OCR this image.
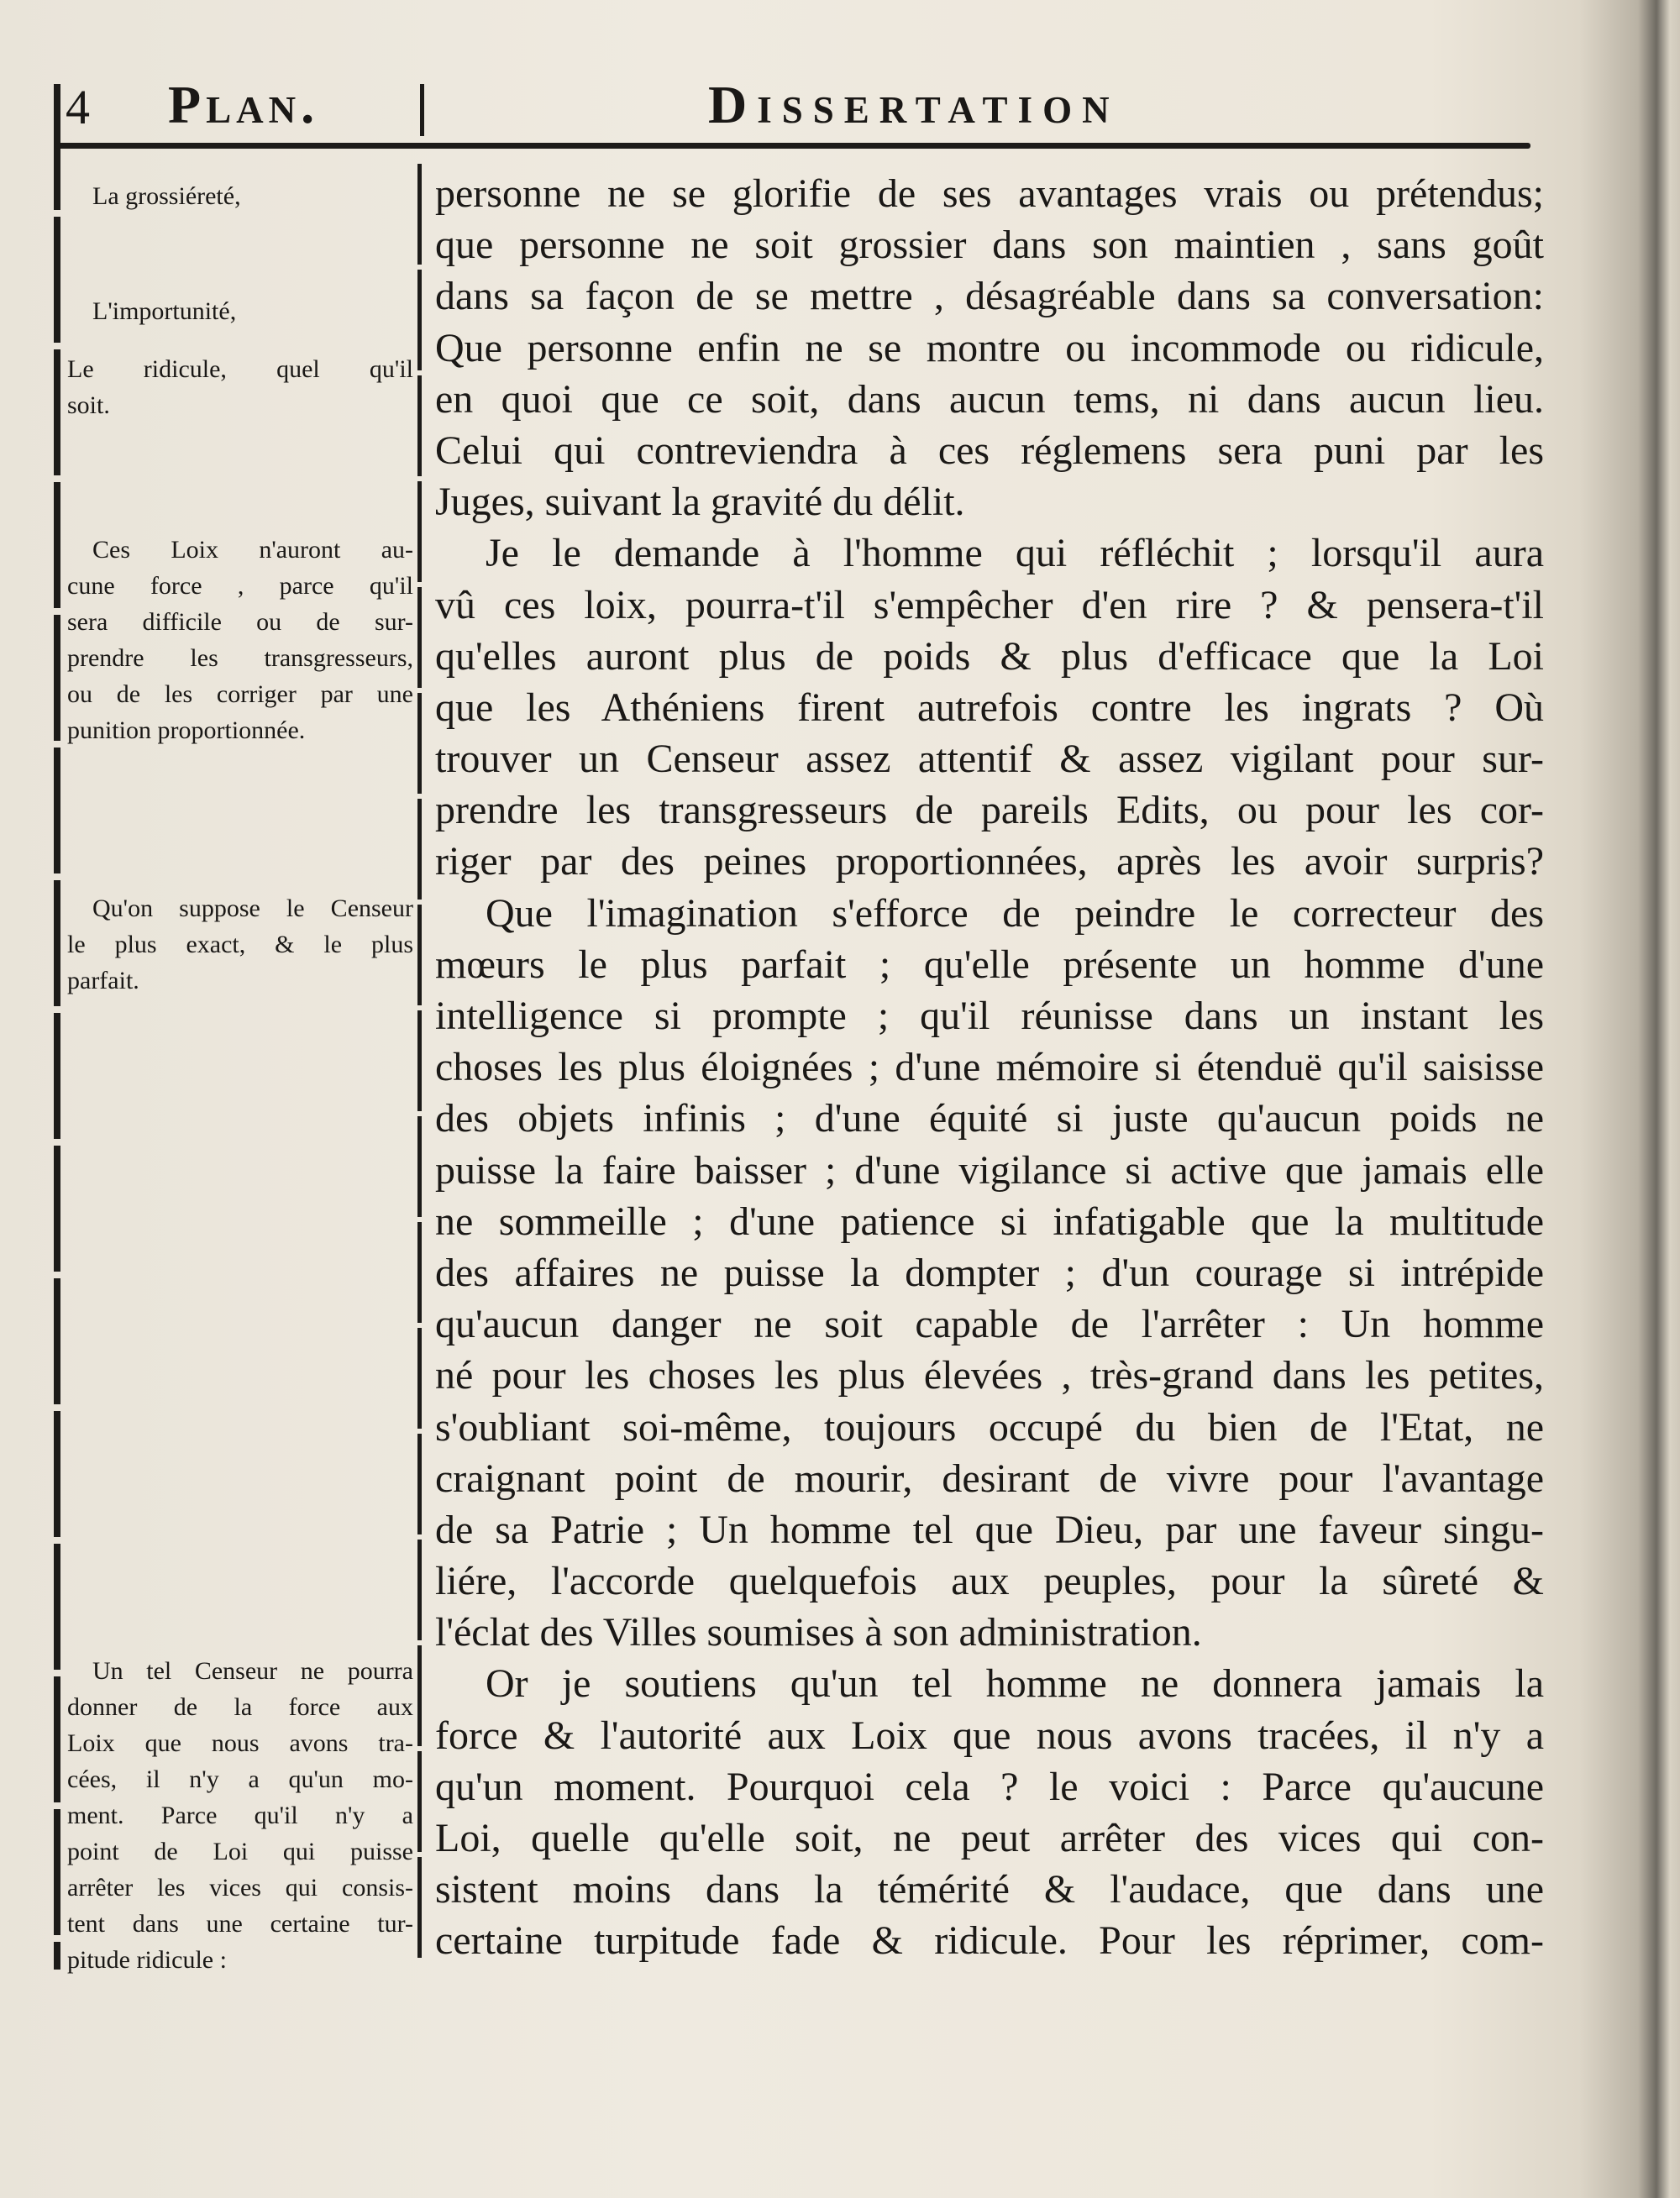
4 Plan.	Dissertation
personne ne se glorifie de ses avantages vrais ou prétendus;
que personne ne soit grossier dans son maintien , sans goût
dans sa façon de se mettre , désagréable dans sa conversation:
Que personne enfin ne se montre ou incommode ou ridicule,
en quoi que ce soit, dans aucun tems, ni dans aucun lieu.
Celui qui contreviendra à ces réglemens sera puni par les
Juges, suivant la gravité du délit.
Je le demande à l'homme qui réfléchit ; lorsqu'il aura
vû ces loix, pourra-t'il s'empêcher d'en rire ? & pensera-t'il
qu'elles auront plus de poids & plus d'efficace que la Loi
que les Athéniens firent autrefois contre les ingrats ? Où
trouver un Censeur assez attentif & assez vigilant pour sur-
prendre les transgresseurs de pareils Edits, ou pour les cor-
riger par des peines proportionnées, après les avoir surpris?
Que l'imagination s'efforce de peindre le correcteur des
mœurs le plus parfait ; qu'elle présente un homme d'une
intelligence si prompte ; qu'il réunisse dans un instant les
choses les plus éloignées ; d'une mémoire si étenduë qu'il saisisse
des objets infinis ; d'une équité si juste qu'aucun poids ne
puisse la faire baisser ; d'une vigilance si active que jamais elle
ne sommeille ; d'une patience si infatigable que la multitude
des affaires ne puisse la dompter ; d'un courage si intrépide
qu'aucun danger ne soit capable de l'arrêter : Un homme
né pour les choses les plus élevées , très-grand dans les petites,
s'oubliant soi-même, toujours occupé du bien de l'Etat, ne
craignant point de mourir, desirant de vivre pour l'avantage
de sa Patrie ; Un homme tel que Dieu, par une faveur singu-
liére, l'accorde quelquefois aux peuples, pour la sûreté &
l'éclat des Villes soumises à son administration.
Or je soutiens qu'un tel homme ne donnera jamais la
force & l'autorité aux Loix que nous avons tracées, il n'y a
qu'un moment. Pourquoi cela ? le voici : Parce qu'aucune
Loi, quelle qu'elle soit, ne peut arrêter des vices qui con-
sistent moins dans la témérité & l'audace, que dans une
certaine turpitude fade & ridicule. Pour les réprimer, com-
La grossiéreté,
L'importunité,
Le ridicule, quel qu'il
soit.
Ces Loix n'auront au-
cune force , parce qu'il
sera difficile ou de sur-
prendre les transgresseurs,
ou de les corriger par une
punition proportionnée.
Qu'on suppose le Censeur
le plus exact, & le plus
parfait.
Un tel Censeur ne pourra
donner de la force aux
Loix que nous avons tra-
cées, il n'y a qu'un mo-
ment. Parce qu'il n'y a
point de Loi qui puisse
arrêter les vices qui consis-
tent dans une certaine tur-
pitude ridicule :
